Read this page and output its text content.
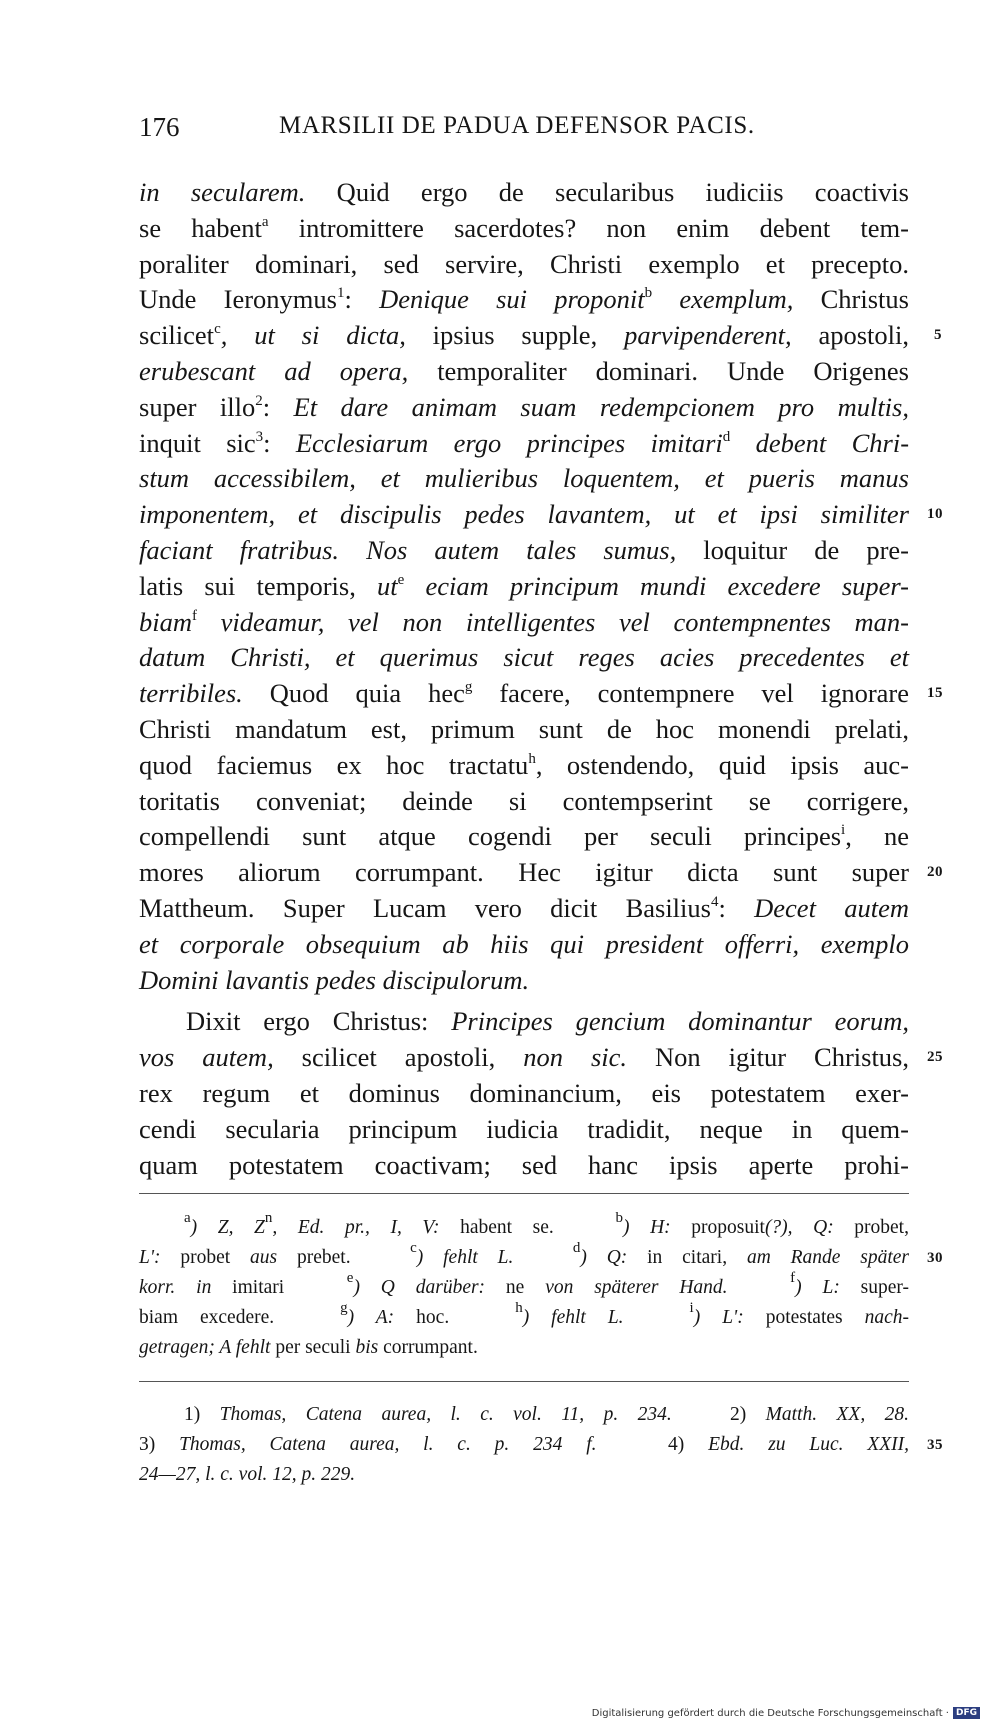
176	MARSILII DE PADUA DEFENSOR PACIS.
in secularem. Quid ergo de secularibus iudiciis coactivis
se habent$^a$ intromittere sacerdotes? non enim debent tem-
poraliter dominari, sed servire, Christi exemplo et precepto.
Unde Ieronymus$^1$: Denique sui proponit$^b$ exemplum, Christus
scilicet$^c$, ut si dicta, ipsius supple, parvipenderent, apostoli, 5
erubescant ad opera, temporaliter dominari. Unde Origenes
super illo$^2$: Et dare animam suam redempcionem pro multis,
inquit sic$^3$: Ecclesiarum ergo principes imitari$^d$ debent Chri-
stum accessibilem, et mulieribus loquentem, et pueris manus
imponentem, et discipulis pedes lavantem, ut et ipsi similiter 10
faciant fratribus. Nos autem tales sumus, loquitur de pre-
latis sui temporis, $ut^e$ eciam principum mundi excedere super-
biam$^f$ videamur, vel non intelligentes vel contempnentes man-
datum Christi, et querimus sicut reges acies precedentes et
terribiles. Quod quia hec$^g$ facere, contempnere vel ignorare 15
Christi mandatum est, primum sunt de hoc monendi prelati,
quod faciemus ex hoc tractatu$^h$, ostendendo, quid ipsis auc-
toritatis conveniat; deinde si contempserint se corrigere,
compellendi sunt atque cogendi per seculi principes$^i$, ne
mores aliorum corrumpant. Hec igitur dicta sunt super 20
Mattheum. Super Lucam vero dicit Basilius$^4$: Decet autem
et corporale obsequium ab hiis qui president offerri, exemplo
Domini lavantis pedes discipulorum.
Dixit ergo Christus: Principes gencium dominantur eorum,
vos autem, scilicet apostoli, non sic. Non igitur Christus, 25
rex regum et dominus dominancium, eis potestatem exer-
cendi secularia principum iudicia tradidit, neque in quem-
quam potestatem coactivam; sed hanc ipsis aperte prohi-
$^a$) Z, $Z^n$, Ed. pr., I, V: habent se.	$^b$) H: proposuit(?), Q: probet,
L': probet aus prebet.	$^c$) fehlt L.	$^d$) Q: in citari, am Rande später 30
korr. in imitari	$^e$) Q darüber: ne von späterer Hand.	$^f$) L: super-
biam excedere.	$^g$) A: hoc.	$^h$) fehlt L.	$^i$) L': potestates nach-
getragen; A fehlt per seculi bis corrumpant.
1) Thomas, Catena aurea, l. c. vol. 11, p. 234.	2) Matth. XX, 28.
3) Thomas, Catena aurea, l. c. p. 234 f.	4) Ebd. zu Luc. XXII, 35
24—27, l. c. vol. 12, p. 229.
Digitalisierung gefördert durch die Deutsche Forschungsgemeinschaft · DFG
